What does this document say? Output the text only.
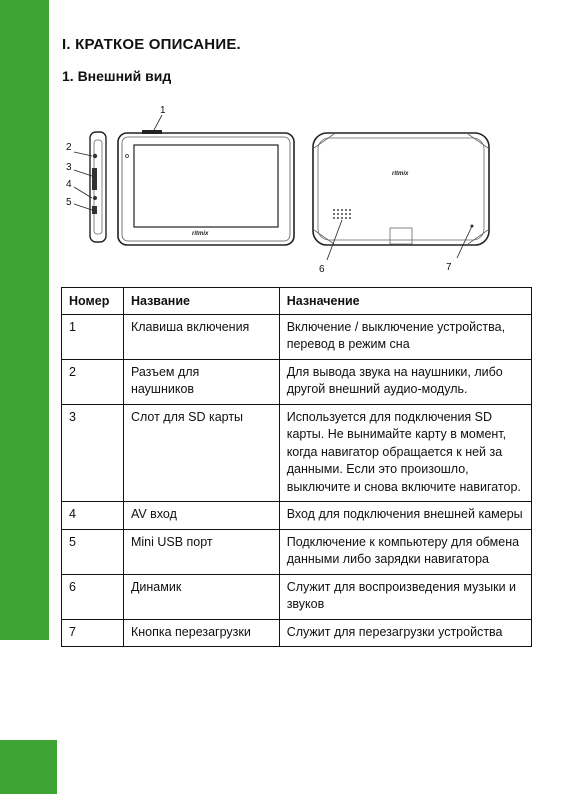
I. КРАТКОЕ ОПИСАНИЕ.
1. Внешний вид
ritmix
ritmix
1
2
3
4
5
6	7
Номер	Название	Назначение
1	Клавиша включения	Включение / выключение устройства, перевод в режим сна
2	Разъем для наушников	Для вывода звука на наушники, либо другой внешний аудио-модуль.
3	Слот для SD карты	Используется для подключения SD карты. Не вынимайте карту в момент, когда навигатор обращается к ней за данными. Если это произошло, выключите и снова включите навигатор.
4	AV вход	Вход для подключения внешней камеры
5	Mini USB порт	Подключение к компьютеру для обмена данными либо зарядки навигатора
6	Динамик	Служит для воспроизведения музыки и звуков
7	Кнопка перезагрузки	Служит для перезагрузки устройства
